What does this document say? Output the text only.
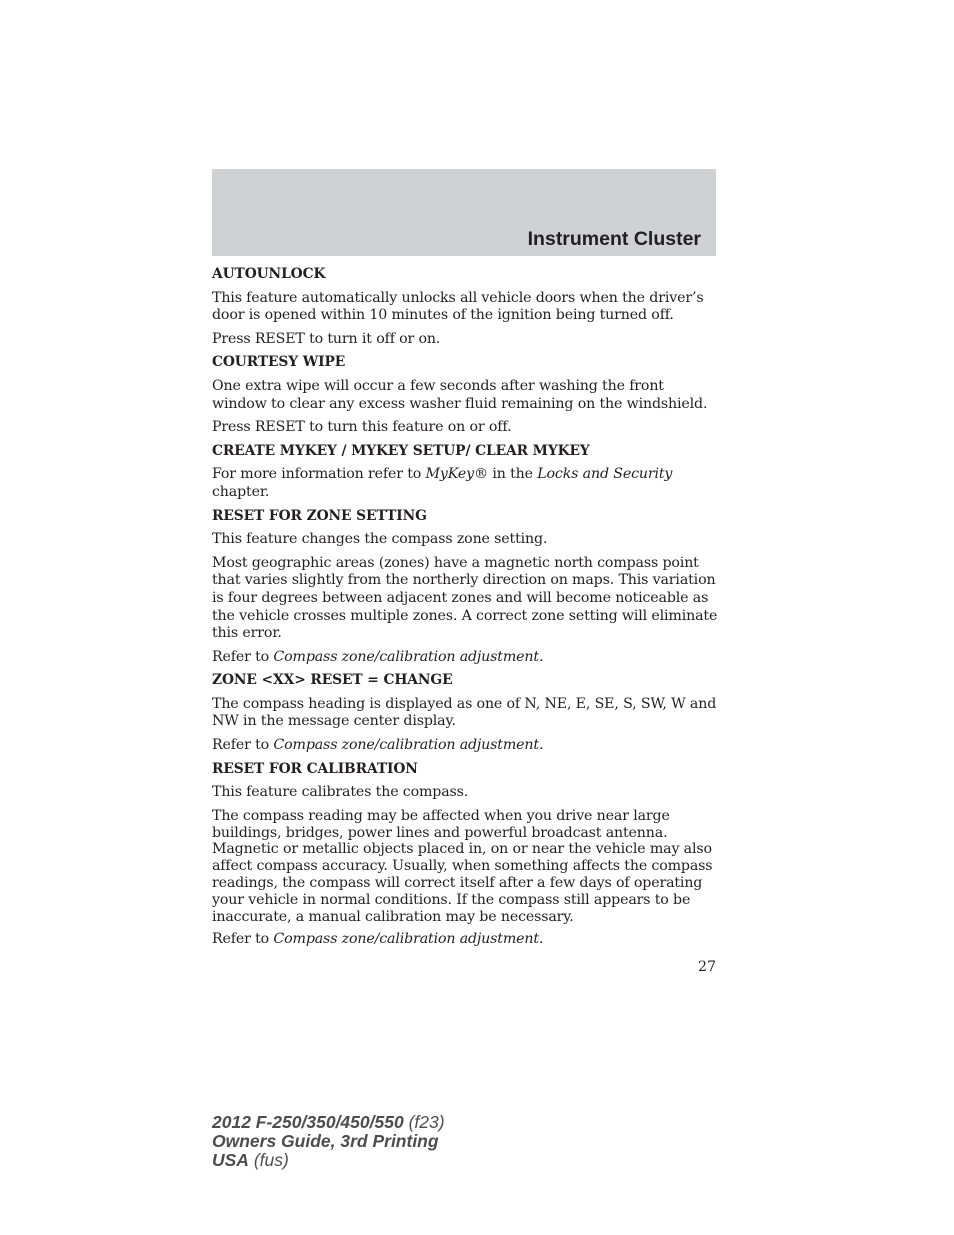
Instrument Cluster
AUTOUNLOCK

This feature automatically unlocks all vehicle doors when the driver’s door is opened within 10 minutes of the ignition being turned off.

Press RESET to turn it off or on.

COURTESY WIPE

One extra wipe will occur a few seconds after washing the front window to clear any excess washer fluid remaining on the windshield.

Press RESET to turn this feature on or off.

CREATE MYKEY / MYKEY SETUP/ CLEAR MYKEY

For more information refer to MyKey® in the Locks and Security chapter.

RESET FOR ZONE SETTING

This feature changes the compass zone setting.

Most geographic areas (zones) have a magnetic north compass point that varies slightly from the northerly direction on maps. This variation is four degrees between adjacent zones and will become noticeable as the vehicle crosses multiple zones. A correct zone setting will eliminate this error.

Refer to Compass zone/calibration adjustment.

ZONE <XX> RESET = CHANGE

The compass heading is displayed as one of N, NE, E, SE, S, SW, W and NW in the message center display.

Refer to Compass zone/calibration adjustment.

RESET FOR CALIBRATION

This feature calibrates the compass.

The compass reading may be affected when you drive near large buildings, bridges, power lines and powerful broadcast antenna. Magnetic or metallic objects placed in, on or near the vehicle may also affect compass accuracy. Usually, when something affects the compass readings, the compass will correct itself after a few days of operating your vehicle in normal conditions. If the compass still appears to be inaccurate, a manual calibration may be necessary.

Refer to Compass zone/calibration adjustment.

27
2012 F-250/350/450/550 (f23)
Owners Guide, 3rd Printing
USA (fus)
